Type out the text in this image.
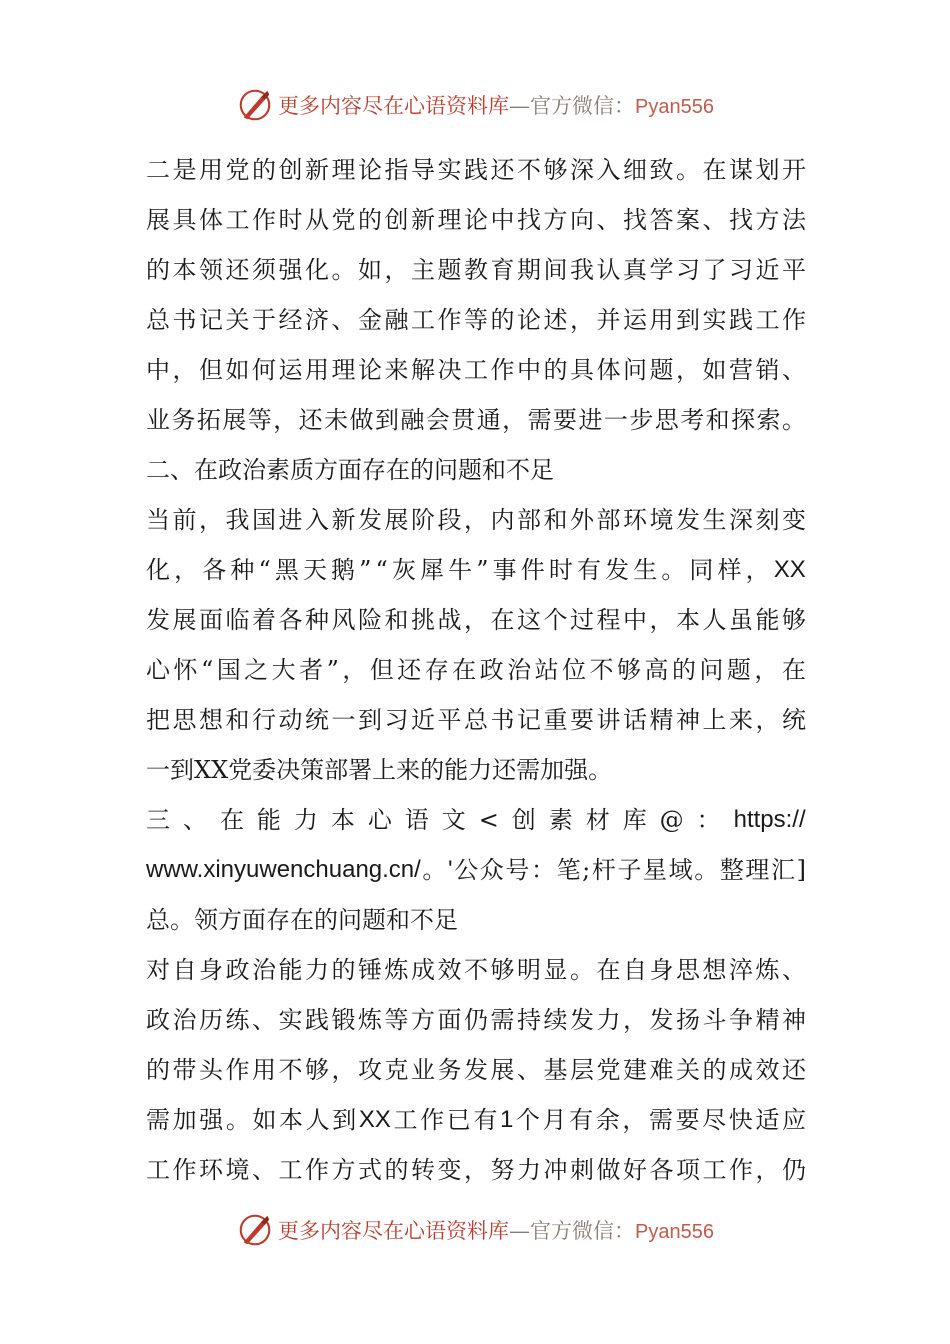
更多内容尽在心语资料库—官方微信：Pyan556
二 是 用 党 的 创 新 理 论 指 导 实 践 还 不 够 深 入 细 致 。 在 谋 划 开
展 具 体 工 作 时 从 党 的 创 新 理 论 中 找 方 向 、 找 答 案 、 找 方 法
的 本 领 还 须 强 化 。 如 ， 主 题 教 育 期 间 我 认 真 学 习 了 习 近 平
总 书 记 关 于 经 济 、 金 融 工 作 等 的 论 述 ， 并 运 用 到 实 践 工 作
中 ， 但 如 何 运 用 理 论 来 解 决 工 作 中 的 具 体 问 题 ， 如 营 销 、
业 务 拓 展 等 ， 还 未 做 到 融 会 贯 通 ， 需 要 进 一 步 思 考 和 探 索 。
二、在政治素质方面存在的问题和不足
当 前 ， 我 国 进 入 新 发 展 阶 段 ， 内 部 和 外 部 环 境 发 生 深 刻 变
化 ， 各 种 “ 黑 天 鹅 ” “ 灰 犀 牛 ” 事 件 时 有 发 生 。 同 样 ， XX
发 展 面 临 着 各 种 风 险 和 挑 战 ， 在 这 个 过 程 中 ， 本 人 虽 能 够
心 怀 “ 国 之 大 者 ” ， 但 还 存 在 政 治 站 位 不 够 高 的 问 题 ， 在
把 思 想 和 行 动 统 一 到 习 近 平 总 书 记 重 要 讲 话 精 神 上 来 ， 统
一到XX党委决策部署上来的能力还需加强。
三 、 在 能 力 本 心 语 文 < 创 素 材 库 @ ： https://
www.xinyuwenchuang.cn/ 。 ' 公 众 号 ： 笔 ; 杆 子 星 域 。 整 理 汇 ]
总。领方面存在的问题和不足
对 自 身 政 治 能 力 的 锤 炼 成 效 不 够 明 显 。 在 自 身 思 想 淬 炼 、
政 治 历 练 、 实 践 锻 炼 等 方 面 仍 需 持 续 发 力 ， 发 扬 斗 争 精 神
的 带 头 作 用 不 够 ， 攻 克 业 务 发 展 、 基 层 党 建 难 关 的 成 效 还
需 加 强 。 如 本 人 到 XX 工 作 已 有 1 个 月 有 余 ， 需 要 尽 快 适 应
工 作 环 境 、 工 作 方 式 的 转 变 ， 努 力 冲 刺 做 好 各 项 工 作 ， 仍
更多内容尽在心语资料库—官方微信：Pyan556
